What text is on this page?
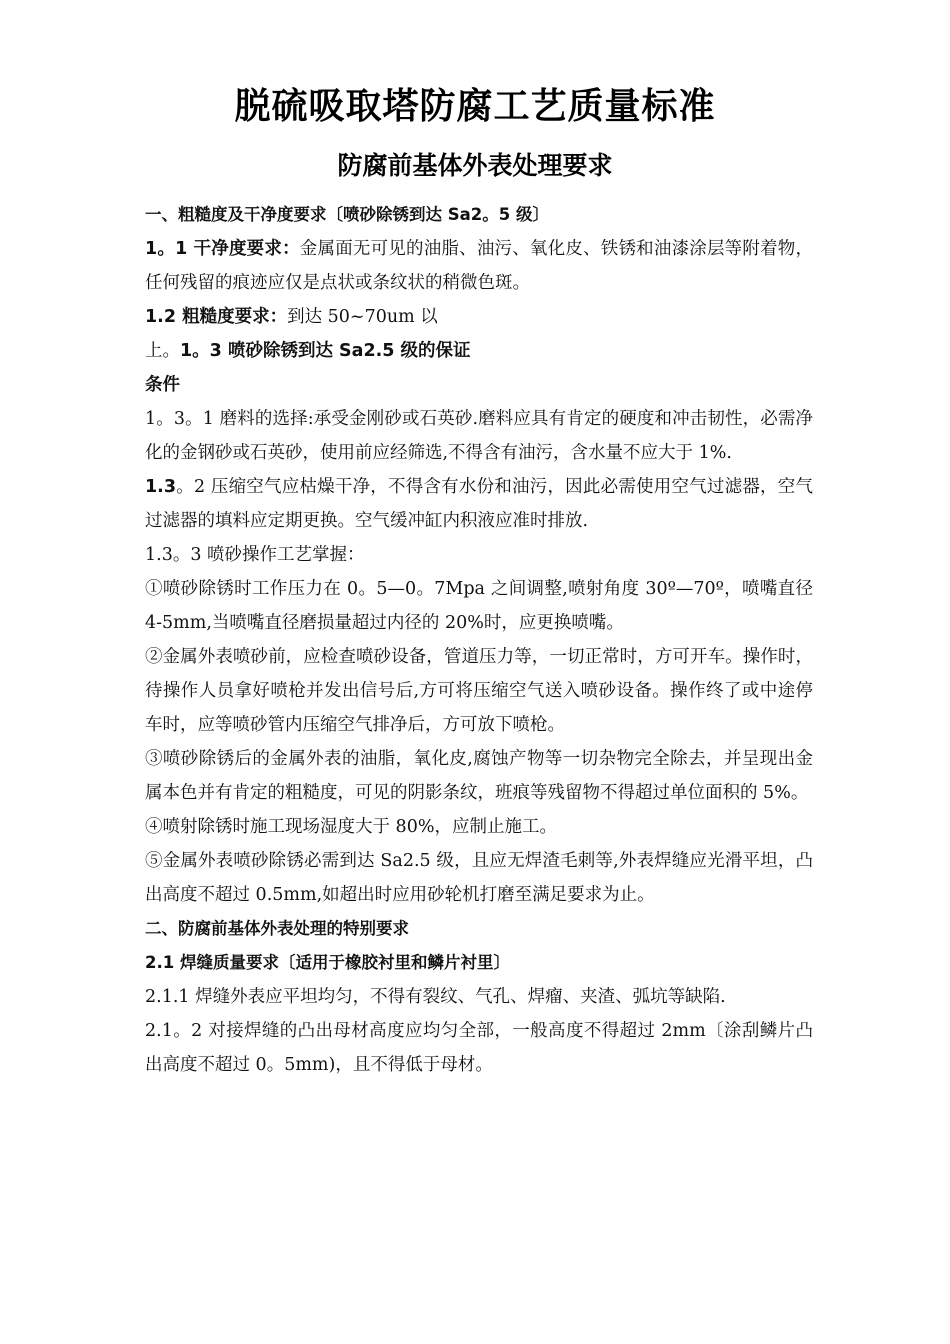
脱硫吸取塔防腐工艺质量标准
防腐前基体外表处理要求

一、粗糙度及干净度要求〔喷砂除锈到达 Sa2。5 级〕

1。1 干净度要求：金属面无可见的油脂、油污、氧化皮、铁锈和油漆涂层等附着物，任何残留的痕迹应仅是点状或条纹状的稍微色斑。

1.2 粗糙度要求：到达 50~70um 以

上。1。3 喷砂除锈到达 Sa2.5 级的保证

条件

1。3。1 磨料的选择:承受金刚砂或石英砂.磨料应具有肯定的硬度和冲击韧性，必需净化的金钢砂或石英砂，使用前应经筛选,不得含有油污，含水量不应大于 1%.

1.3。2 压缩空气应枯燥干净，不得含有水份和油污，因此必需使用空气过滤器，空气过滤器的填料应定期更换。空气缓冲缸内积液应准时排放.

1.3。3 喷砂操作工艺掌握：

①喷砂除锈时工作压力在 0。5—0。7Mpa 之间调整,喷射角度 30º—70º，喷嘴直径 4-5mm,当喷嘴直径磨损量超过内径的 20%时，应更换喷嘴。

②金属外表喷砂前，应检查喷砂设备，管道压力等，一切正常时，方可开车。操作时，待操作人员拿好喷枪并发出信号后,方可将压缩空气送入喷砂设备。操作终了或中途停车时，应等喷砂管内压缩空气排净后，方可放下喷枪。

③喷砂除锈后的金属外表的油脂，氧化皮,腐蚀产物等一切杂物完全除去，并呈现出金属本色并有肯定的粗糙度，可见的阴影条纹，班痕等残留物不得超过单位面积的 5%。

④喷射除锈时施工现场湿度大于 80%，应制止施工。

⑤金属外表喷砂除锈必需到达 Sa2.5 级，且应无焊渣毛刺等,外表焊缝应光滑平坦，凸出高度不超过 0.5mm,如超出时应用砂轮机打磨至满足要求为止。

二、防腐前基体外表处理的特别要求

2.1 焊缝质量要求〔适用于橡胶衬里和鳞片衬里〕

2.1.1 焊缝外表应平坦均匀，不得有裂纹、气孔、焊瘤、夹渣、弧坑等缺陷.

2.1。2 对接焊缝的凸出母材高度应均匀全部，一般高度不得超过 2mm〔涂刮鳞片凸出高度不超过 0。5mm)，且不得低于母材。
